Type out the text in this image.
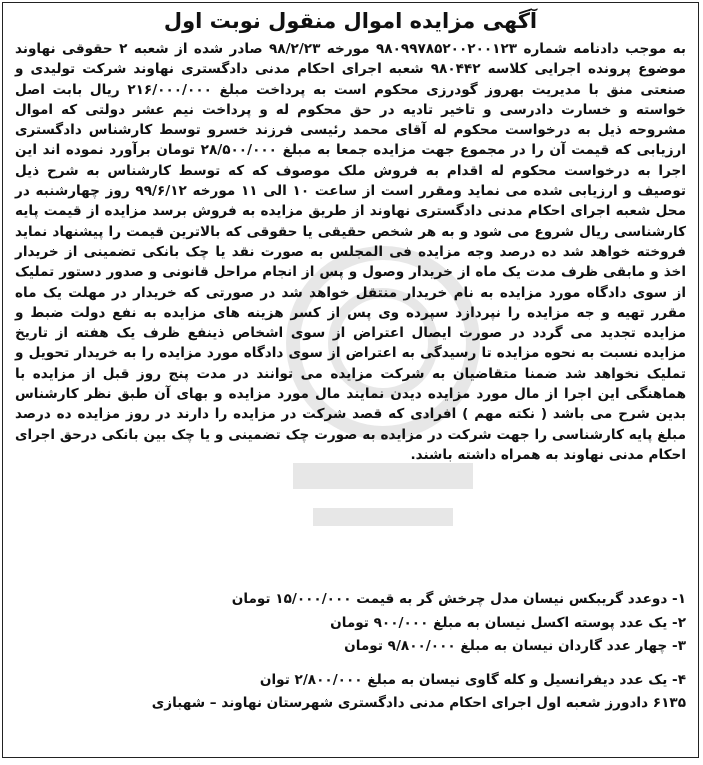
آگهی مزایده اموال منقول نوبت اول
به موجب دادنامه شماره ۹۸۰۹۹۷۸۵۲۰۰۲۰۰۱۲۳ مورخه ۹۸/۲/۲۳ صادر شده از شعبه ۲ حقوقی نهاوند موضوع پرونده اجرایی کلاسه ۹۸۰۴۴۲ شعبه اجرای احکام مدنی دادگستری نهاوند شرکت تولیدی و صنعتی منق با مدیریت بهروز گودرزی محکوم است به پرداخت مبلغ ۲۱۶/۰۰۰/۰۰۰ ریال بابت اصل خواسته و خسارت دادرسی و تاخیر تادیه در حق محکوم له و پرداخت نیم عشر دولتی که اموال مشروحه ذیل به درخواست محکوم له آقای محمد رئیسی فرزند خسرو توسط کارشناس دادگستری ارزیابی که قیمت آن را در مجموع جهت مزایده جمعا به مبلغ ۲۸/۵۰۰/۰۰۰ تومان برآورد نموده اند این اجرا به درخواست محکوم له اقدام به فروش ملک موصوف که که توسط کارشناس به شرح ذیل توصیف و ارزیابی شده می نماید ومقرر است از ساعت ۱۰ الی ۱۱ مورخه ۹۹/۶/۱۲ روز چهارشنبه در محل شعبه اجرای احکام مدنی دادگستری نهاوند از طریق مزایده به فروش برسد مزایده از قیمت پایه کارشناسی ریال شروع می شود و به هر شخص حقیقی یا حقوقی که بالاترین قیمت را پیشنهاد نماید فروخته خواهد شد ده درصد وجه مزایده فی المجلس به صورت نقد یا چک بانکی تضمینی از خریدار اخذ و مابقی ظرف مدت یک ماه از خریدار وصول و پس از انجام مراحل قانونی و صدور دستور تملیک از سوی دادگاه مورد مزایده به نام خریدار منتقل خواهد شد در صورتی که خریدار در مهلت یک ماه مقرر تهیه و جه مزایده را نپردازد سپرده وی پس از کسر هزینه های مزایده به نفع دولت ضبط و مزایده تجدید می گردد در صورت ایصال اعتراض از سوی اشخاص ذینفع ظرف یک هفته از تاریخ مزایده نسبت به نحوه مزایده تا رسیدگی به اعتراض از سوی دادگاه مورد مزایده را به خریدار تحویل و تملیک نخواهد شد ضمنا متقاضیان به شرکت مزایده می توانند در مدت پنج روز قبل از مزایده با هماهنگی این اجرا از مال مورد مزایده دیدن نمایند مال مورد مزایده و بهای آن طبق نظر کارشناس بدین شرح می باشد ( نکته مهم ) افرادی که قصد شرکت در مزایده را دارند در روز مزایده ده درصد مبلغ پایه کارشناسی را جهت شرکت در مزایده به صورت چک تضمینی و یا چک بین بانکی درحق اجرای احکام مدنی نهاوند به همراه داشته باشند.
۱- دوعدد گریبکس نیسان مدل چرخش گر به قیمت ۱۵/۰۰۰/۰۰۰ تومان
۲- یک عدد پوسته اکسل نیسان به مبلغ ۹۰۰/۰۰۰ تومان
۳- چهار عدد گاردان نیسان به مبلغ ۹/۸۰۰/۰۰۰ تومان
۴- یک عدد دیفرانسیل و کله گاوی نیسان به مبلغ ۲/۸۰۰/۰۰۰ توان
۶۱۳۵ دادورز شعبه اول اجرای احکام مدنی دادگستری شهرستان نهاوند – شهبازی
